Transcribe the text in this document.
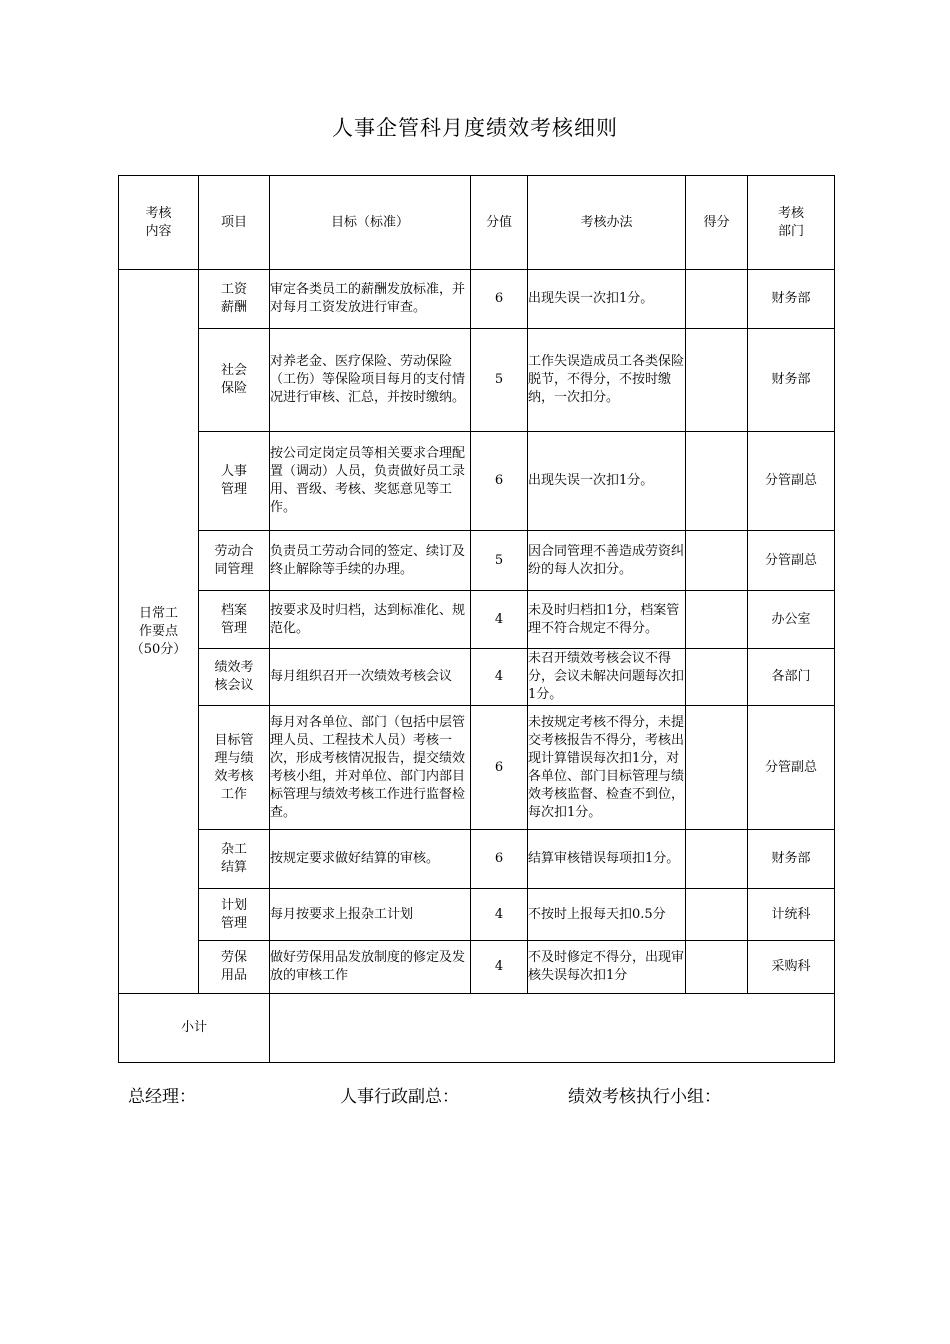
人事企管科月度绩效考核细则
考核内容	项目	目标（标准）	分值	考核办法	得分	考核部门
日常工作要点
（50分）	工资薪酬	审定各类员工的薪酬发放标准，并对每月工资发放进行审查。	6	出现失误一次扣1分。		财务部
	社会保险	对养老金、医疗保险、劳动保险（工伤）等保险项目每月的支付情况进行审核、汇总，并按时缴纳。	5	工作失误造成员工各类保险脱节，不得分，不按时缴纳，一次扣分。		财务部
	人事管理	按公司定岗定员等相关要求合理配置（调动）人员，负责做好员工录用、晋级、考核、奖惩意见等工作。	6	出现失误一次扣1分。		分管副总
	劳动合同管理	负责员工劳动合同的签定、续订及终止解除等手续的办理。	5	因合同管理不善造成劳资纠纷的每人次扣分。		分管副总
	档案管理	按要求及时归档，达到标准化、规范化。	4	未及时归档扣1分，档案管理不符合规定不得分。		办公室
	绩效考核会议	每月组织召开一次绩效考核会议	4	未召开绩效考核会议不得分，会议未解决问题每次扣1分。		各部门
	目标管理与绩效考核工作	每月对各单位、部门（包括中层管理人员、工程技术人员）考核一次，形成考核情况报告，提交绩效考核小组，并对单位、部门内部目标管理与绩效考核工作进行监督检查。	6	未按规定考核不得分，未提交考核报告不得分，考核出现计算错误每次扣1分，对各单位、部门目标管理与绩效考核监督、检查不到位，每次扣1分。		分管副总
	杂工结算	按规定要求做好结算的审核。	6	结算审核错误每项扣1分。		财务部
	计划管理	每月按要求上报杂工计划	4	不按时上报每天扣0.5分		计统科
	劳保用品	做好劳保用品发放制度的修定及发放的审核工作	4	不及时修定不得分，出现审核失误每次扣1分		采购科
小计						
总经理：	人事行政副总：	绩效考核执行小组：
